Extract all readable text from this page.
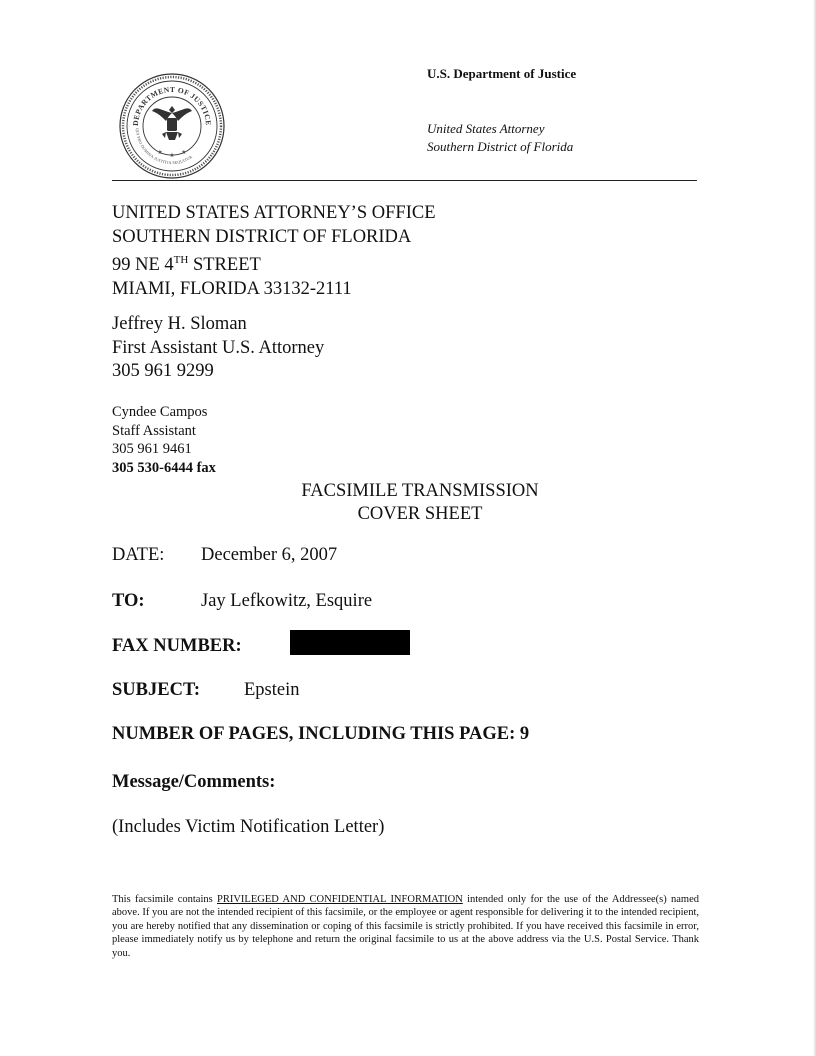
DEPARTMENT OF JUSTICE
QUI PRO DOMINA JUSTITIA SEQUITUR
★ ★ ★
U.S. Department of Justice
United States Attorney
Southern District of Florida
UNITED STATES ATTORNEY’S OFFICE
SOUTHERN DISTRICT OF FLORIDA
99 NE 4TH STREET
MIAMI, FLORIDA 33132-2111
Jeffrey H. Sloman
First Assistant U.S. Attorney
305 961 9299
Cyndee Campos
Staff Assistant
305 961 9461
305 530-6444 fax
FACSIMILE TRANSMISSION
COVER SHEET
DATE: December 6, 2007
TO:	Jay Lefkowitz, Esquire
FAX NUMBER:
SUBJECT: Epstein
NUMBER OF PAGES, INCLUDING THIS PAGE: 9
Message/Comments:
(Includes Victim Notification Letter)
This facsimile contains PRIVILEGED AND CONFIDENTIAL INFORMATION intended only for the use of the Addressee(s) named above. If you are not the intended recipient of this facsimile, or the employee or agent responsible for delivering it to the intended recipient, you are hereby notified that any dissemination or coping of this facsimile is strictly prohibited. If you have received this facsimile in error, please immediately notify us by telephone and return the original facsimile to us at the above address via the U.S. Postal Service. Thank you.
